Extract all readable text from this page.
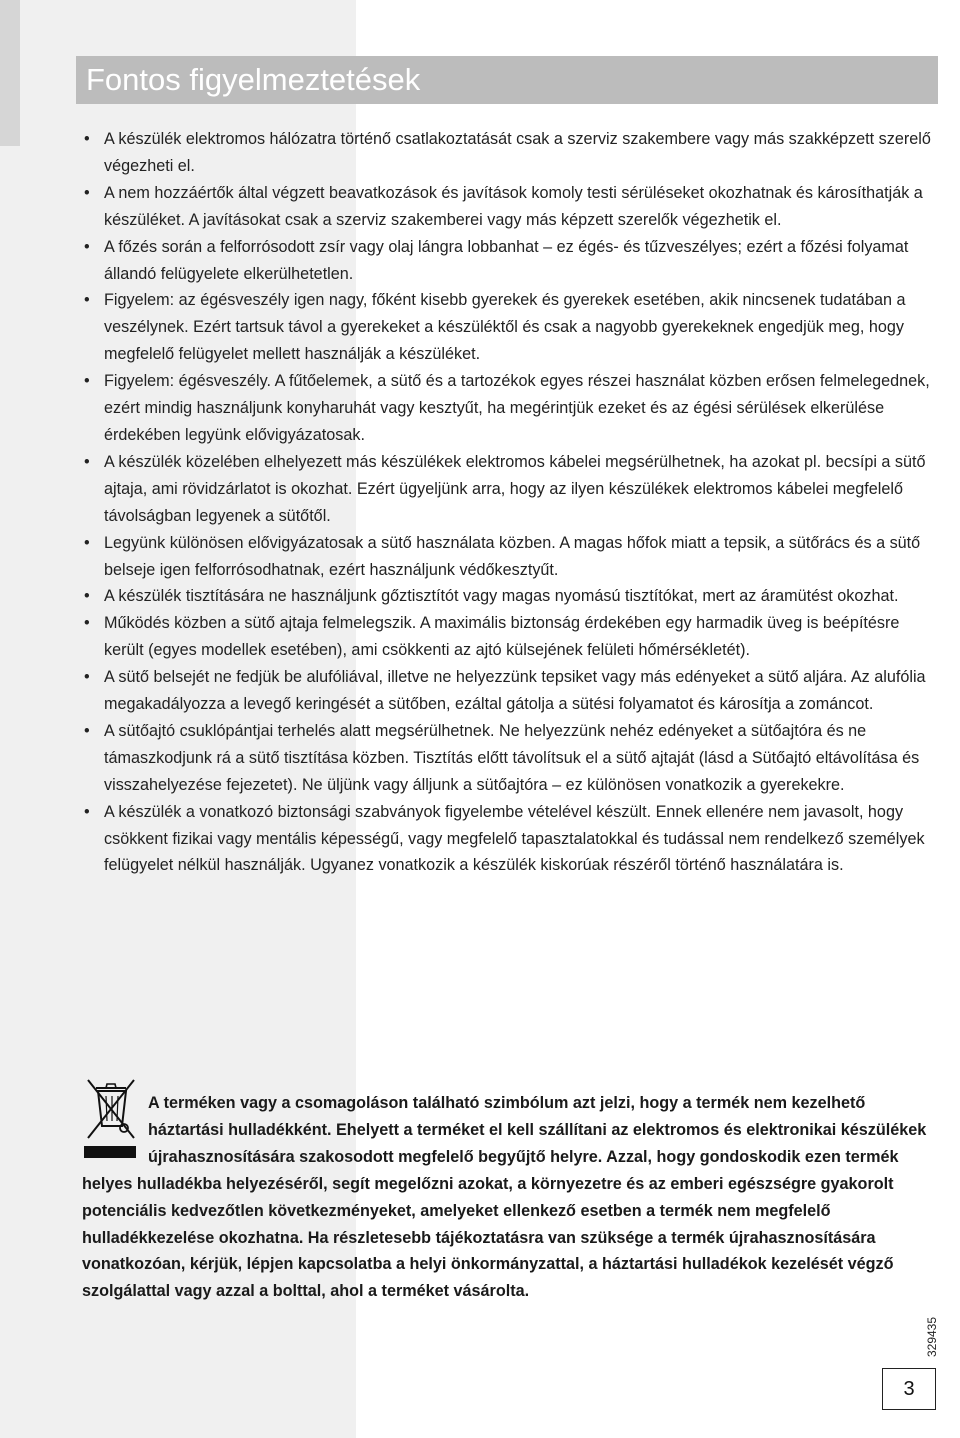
Fontos figyelmeztetések
• A készülék elektromos hálózatra történő csatlakoztatását csak a szerviz szakembere vagy más szakképzett szerelő végezheti el.
• A nem hozzáértők által végzett beavatkozások és javítások komoly testi sérüléseket okozhatnak és károsíthatják a készüléket. A javításokat csak a szerviz szakemberei vagy más képzett szerelők végezhetik el.
• A főzés során a felforrósodott zsír vagy olaj lángra lobbanhat – ez égés- és tűzveszélyes; ezért a főzési folyamat állandó felügyelete elkerülhetetlen.
• Figyelem: az égésveszély igen nagy, főként kisebb gyerekek és gyerekek esetében, akik nincsenek tudatában a veszélynek. Ezért tartsuk távol a gyerekeket a készüléktől és csak a nagyobb gyerekeknek engedjük meg, hogy megfelelő felügyelet mellett használják a készüléket.
• Figyelem: égésveszély. A fűtőelemek, a sütő és a tartozékok egyes részei használat közben erősen felmelegednek, ezért mindig használjunk konyharuhát vagy kesztyűt, ha megérintjük ezeket és az égési sérülések elkerülése érdekében legyünk elővigyázatosak.
• A készülék közelében elhelyezett más készülékek elektromos kábelei megsérülhetnek, ha azokat pl. becsípi a sütő ajtaja, ami rövidzárlatot is okozhat. Ezért ügyeljünk arra, hogy az ilyen készülékek elektromos kábelei megfelelő távolságban legyenek a sütőtől.
• Legyünk különösen elővigyázatosak a sütő használata közben. A magas hőfok miatt a tepsik, a sütőrács és a sütő belseje igen felforrósodhatnak, ezért használjunk védőkesztyűt.
• A készülék tisztítására ne használjunk gőztisztítót vagy magas nyomású tisztítókat, mert az áramütést okozhat.
• Működés közben a sütő ajtaja felmelegszik. A maximális biztonság érdekében egy harmadik üveg is beépítésre került (egyes modellek esetében), ami csökkenti az ajtó külsejének felületi hőmérsékletét).
• A sütő belsejét ne fedjük be alufóliával, illetve ne helyezzünk tepsiket vagy más edényeket a sütő aljára. Az alufólia megakadályozza a levegő keringését a sütőben, ezáltal gátolja a sütési folyamatot és károsítja a zománcot.
• A sütőajtó csuklópántjai terhelés alatt megsérülhetnek. Ne helyezzünk nehéz edényeket a sütőajtóra és ne támaszkodjunk rá a sütő tisztítása közben. Tisztítás előtt távolítsuk el a sütő ajtaját (lásd a Sütőajtó eltávolítása és visszahelyezése fejezetet). Ne üljünk vagy álljunk a sütőajtóra – ez különösen vonatkozik a gyerekekre.
• A készülék a vonatkozó biztonsági szabványok figyelembe vételével készült. Ennek ellenére nem javasolt, hogy csökkent fizikai vagy mentális képességű, vagy megfelelő tapasztalatokkal és tudással nem rendelkező személyek felügyelet nélkül használják. Ugyanez vonatkozik a készülék kiskorúak részéről történő használatára is.

A terméken vagy a csomagoláson található szimbólum azt jelzi, hogy a termék nem kezelhető háztartási hulladékként. Ehelyett a terméket el kell szállítani az elektromos és elektronikai készülékek újrahasznosítására szakosodott megfelelő begyűjtő helyre. Azzal, hogy gondoskodik ezen termék helyes hulladékba helyezéséről, segít megelőzni azokat, a környezetre és az emberi egészségre gyakorolt potenciális kedvezőtlen következményeket, amelyeket ellenkező esetben a termék nem megfelelő hulladékkezelése okozhatna. Ha részletesebb tájékoztatásra van szüksége a termék újrahasznosítására vonatkozóan, kérjük, lépjen kapcsolatba a helyi önkormányzattal, a háztartási hulladékok kezelését végző szolgálattal vagy azzal a bolttal, ahol a terméket vásárolta.

329435
3
